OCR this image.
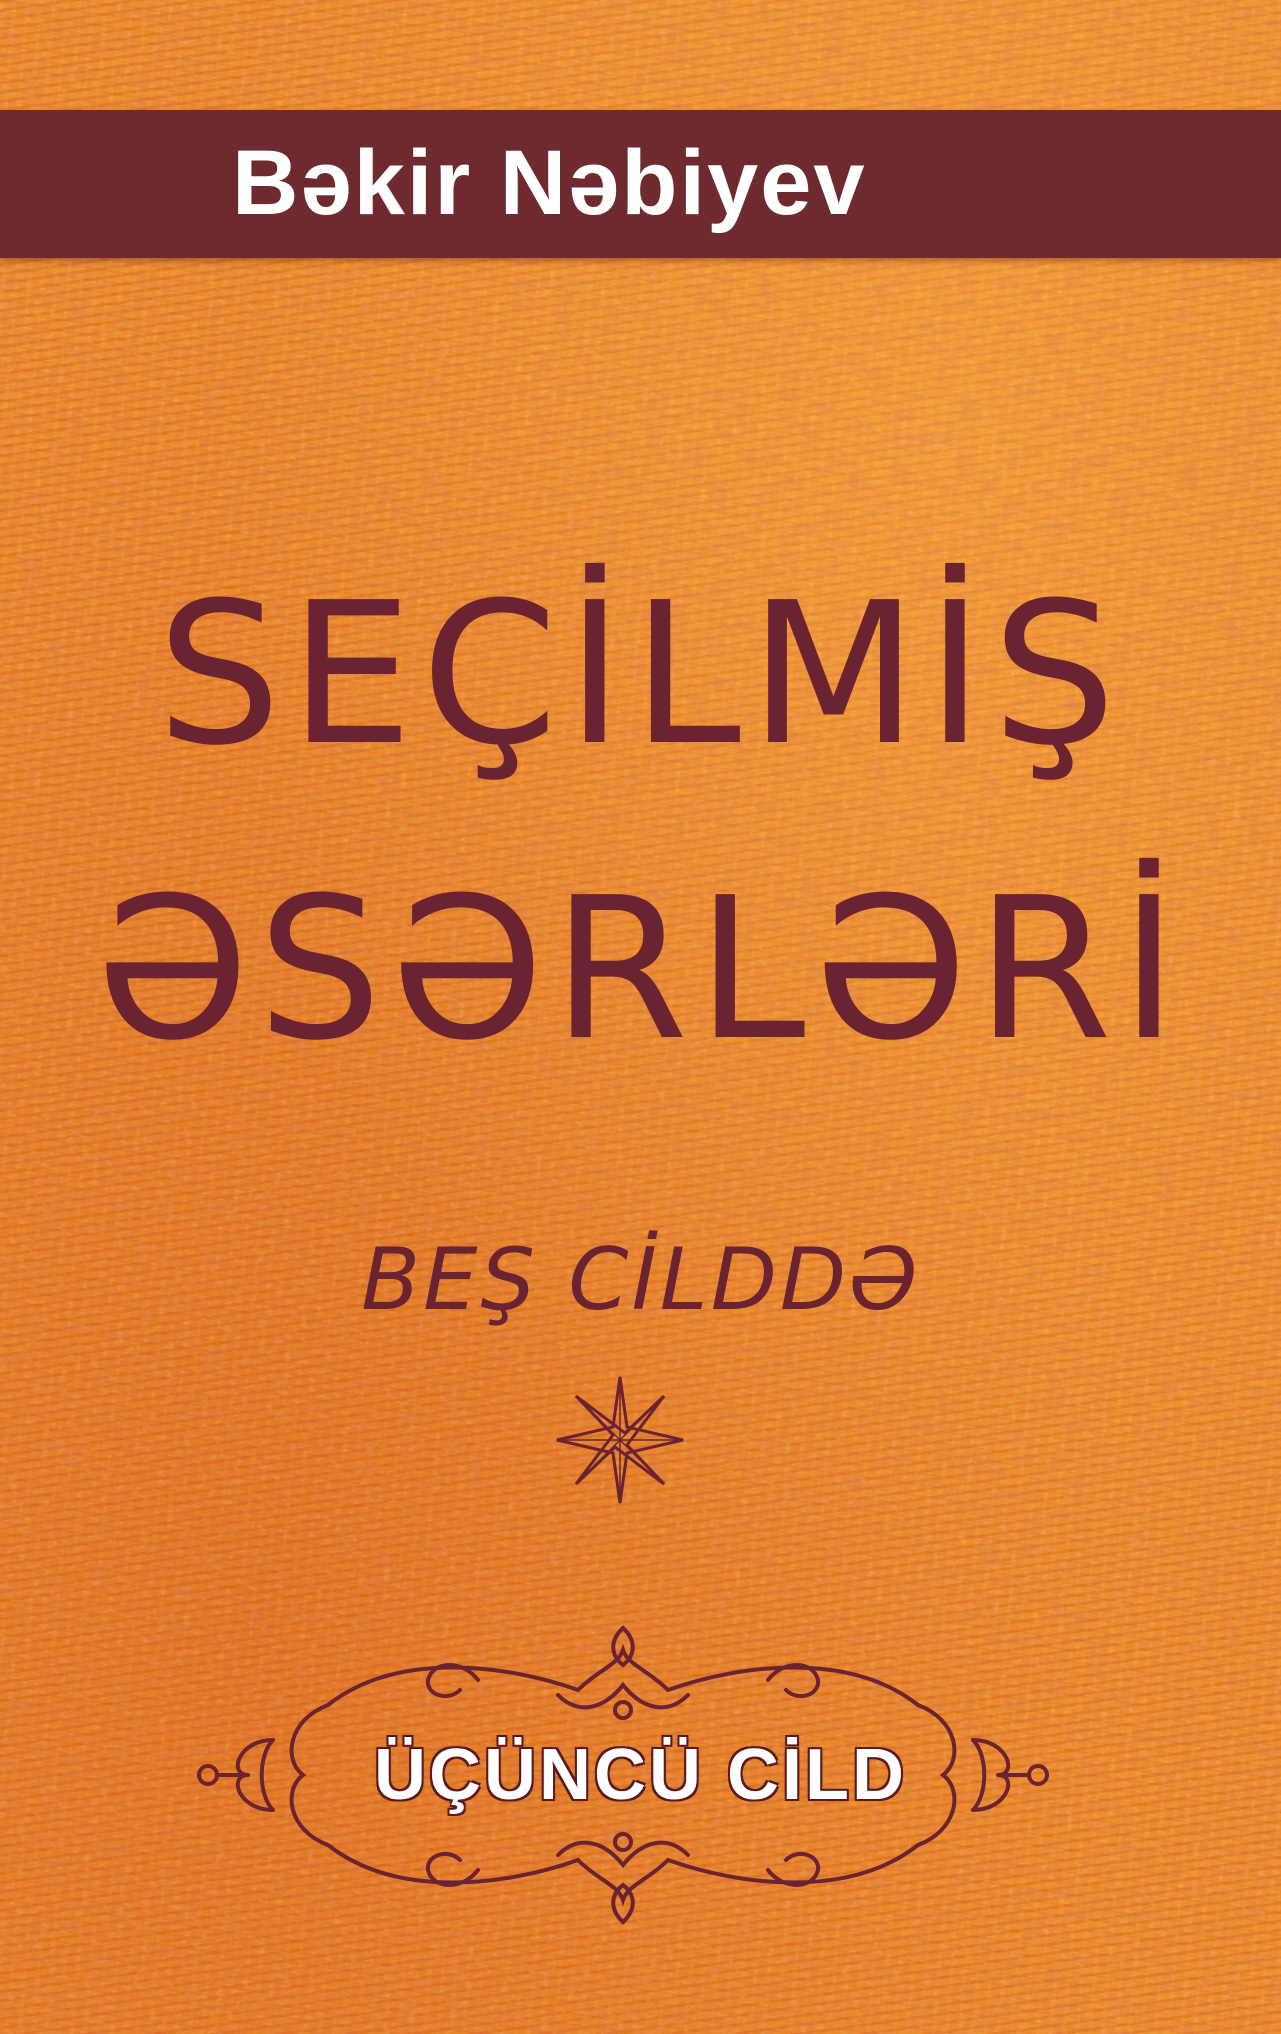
Bəkir Nəbiyev
SEÇİLMİŞ
ƏSƏRLƏRİ
BEŞ CİLDDƏ
ÜÇÜNCÜ CİLD
